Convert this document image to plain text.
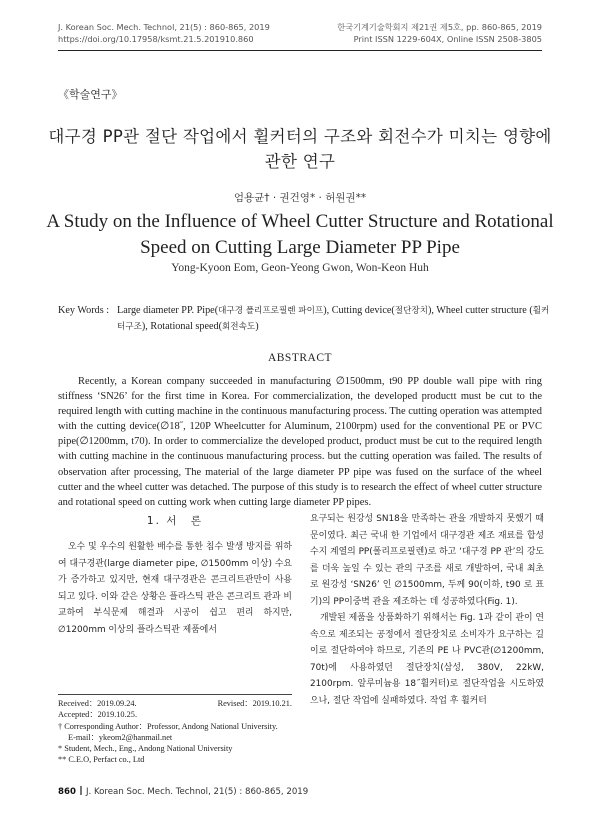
J. Korean Soc. Mech. Technol, 21(5) : 860-865, 2019
https://doi.org/10.17958/ksmt.21.5.201910.860
한국기계기술학회지 제21권 제5호, pp. 860-865, 2019
Print ISSN 1229-604X, Online ISSN 2508-3805
《학술연구》
대구경 PP관 절단 작업에서 휠커터의 구조와 회전수가 미치는 영향에 관한 연구
엄용균† · 권건영* · 허원권**
A Study on the Influence of Wheel Cutter Structure and Rotational Speed on Cutting Large Diameter PP Pipe
Yong-Kyoon Eom, Geon-Yeong Gwon, Won-Keon Huh
Key Words : Large diameter PP. Pipe(대구경 폴리프로필렌 파이프), Cutting device(절단장치), Wheel cutter structure (휠커터구조), Rotational speed(회전속도)
ABSTRACT
Recently, a Korean company succeeded in manufacturing ∅1500mm, t90 PP double wall pipe with ring stiffness ‘SN26’ for the first time in Korea. For commercialization, the developed productt must be cut to the required length with cutting machine in the continuous manufacturing process. The cutting operation was attempted with the cutting device(∅18˝, 120P Wheelcutter for Aluminum, 2100rpm) used for the conventional PE or PVC pipe(∅1200mm, t70). In order to commercialize the developed product, product must be cut to the required length with cutting machine in the continuous manufacturing process. but the cutting operation was failed. The results of observation after processing, The material of the large diameter PP pipe was fused on the surface of the wheel cutter and the wheel cutter was detached. The purpose of this study is to research the effect of wheel cutter structure and rotational speed on cutting work when cutting large diameter PP pipes.
1. 서　론

오수 및 우수의 원활한 배수를 통한 침수 발생 방지를 위하여 대구경관(large diameter pipe, ∅1500mm 이상) 수요가 증가하고 있지만, 현재 대구경관은 콘크리트관만이 사용되고 있다. 이와 같은 상황은 플라스틱 관은 콘크리트 관과 비교하여 부식문제 해결과 시공이 쉽고 편리 하지만, ∅1200mm 이상의 플라스틱관 제품에서

요구되는 원강성 SN18을 만족하는 관을 개발하지 못했기 때문이였다. 최근 국내 한 기업에서 대구경관 제조 재료를 합성수지 계열의 PP(폴리프로필렌)로 하고 ‘대구경 PP 관’의 강도를 더욱 높일 수 있는 관의 구조를 새로 개발하여, 국내 최초로 원강성 ‘SN26’ 인 ∅1500mm, 두께 90(이하, t90 로 표기)의 PP이중벽 관을 제조하는 데 성공하였다(Fig. 1).

개발된 제품을 상품화하기 위해서는 Fig. 1과 같이 관이 연속으로 제조되는 공정에서 절단장치로 소비자가 요구하는 길이로 절단하여야 하므로, 기존의 PE 나 PVC관(∅1200mm, 70t)에 사용하였던 절단장치(삼성, 380V, 22kW, 2100rpm. 알루미늄용 18˝휠커터)로 절단작업을 시도하였으나, 절단 작업에 실패하였다. 작업 후 휠커터

Received：2019.09.24.	Revised：2019.10.21.
Accepted：2019.10.25.
† Corresponding Author：Professor, Andong National University.
E-mail：ykeom2@hanmail.net
* Student, Mech., Eng., Andong National University
** C.E.O, Perfact co., Ltd
860 J. Korean Soc. Mech. Technol, 21(5) : 860-865, 2019
